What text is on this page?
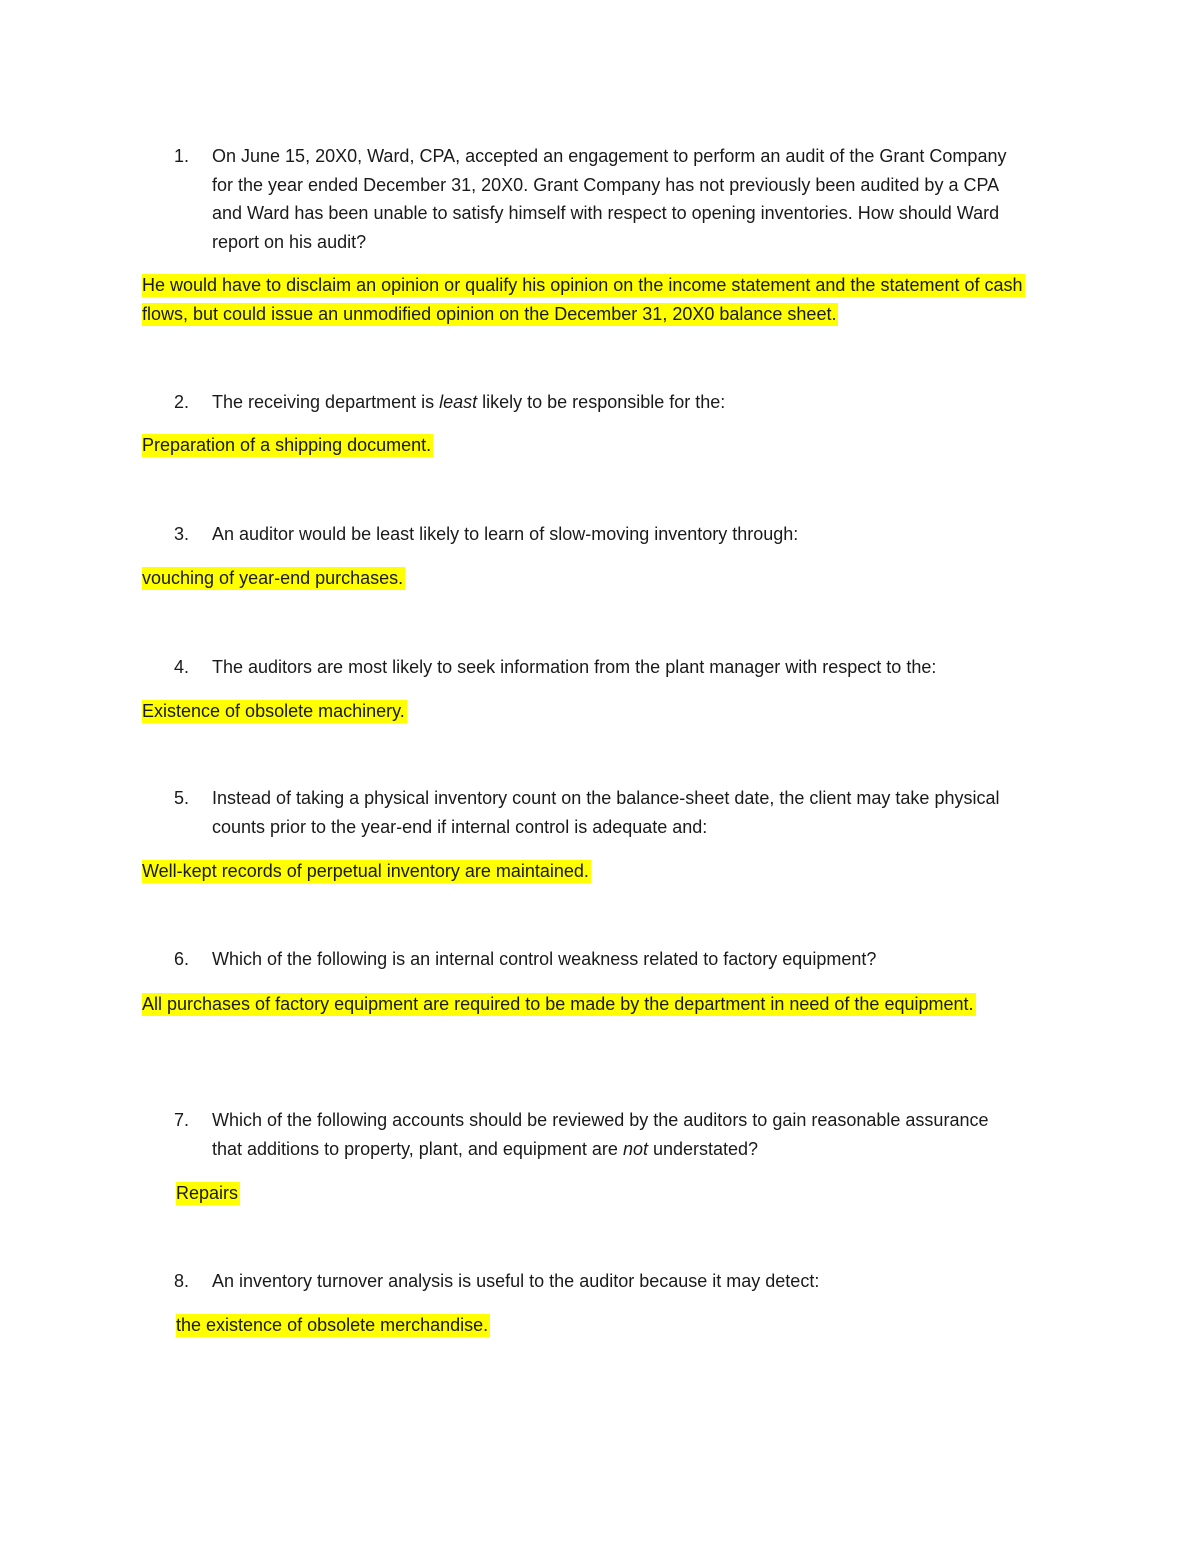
1.	On June 15, 20X0, Ward, CPA, accepted an engagement to perform an audit of the Grant Company for the year ended December 31, 20X0. Grant Company has not previously been audited by a CPA and Ward has been unable to satisfy himself with respect to opening inventories. How should Ward report on his audit?

He would have to disclaim an opinion or qualify his opinion on the income statement and the statement of cash flows, but could issue an unmodified opinion on the December 31, 20X0 balance sheet.

2.	The receiving department is least likely to be responsible for the:

Preparation of a shipping document.

3.	An auditor would be least likely to learn of slow-moving inventory through:

vouching of year-end purchases.

4.	The auditors are most likely to seek information from the plant manager with respect to the:

Existence of obsolete machinery.

5.	Instead of taking a physical inventory count on the balance-sheet date, the client may take physical counts prior to the year-end if internal control is adequate and:

Well-kept records of perpetual inventory are maintained.

6.	Which of the following is an internal control weakness related to factory equipment?

All purchases of factory equipment are required to be made by the department in need of the equipment.

7.	Which of the following accounts should be reviewed by the auditors to gain reasonable assurance that additions to property, plant, and equipment are not understated?

Repairs

8.	An inventory turnover analysis is useful to the auditor because it may detect:

the existence of obsolete merchandise.
